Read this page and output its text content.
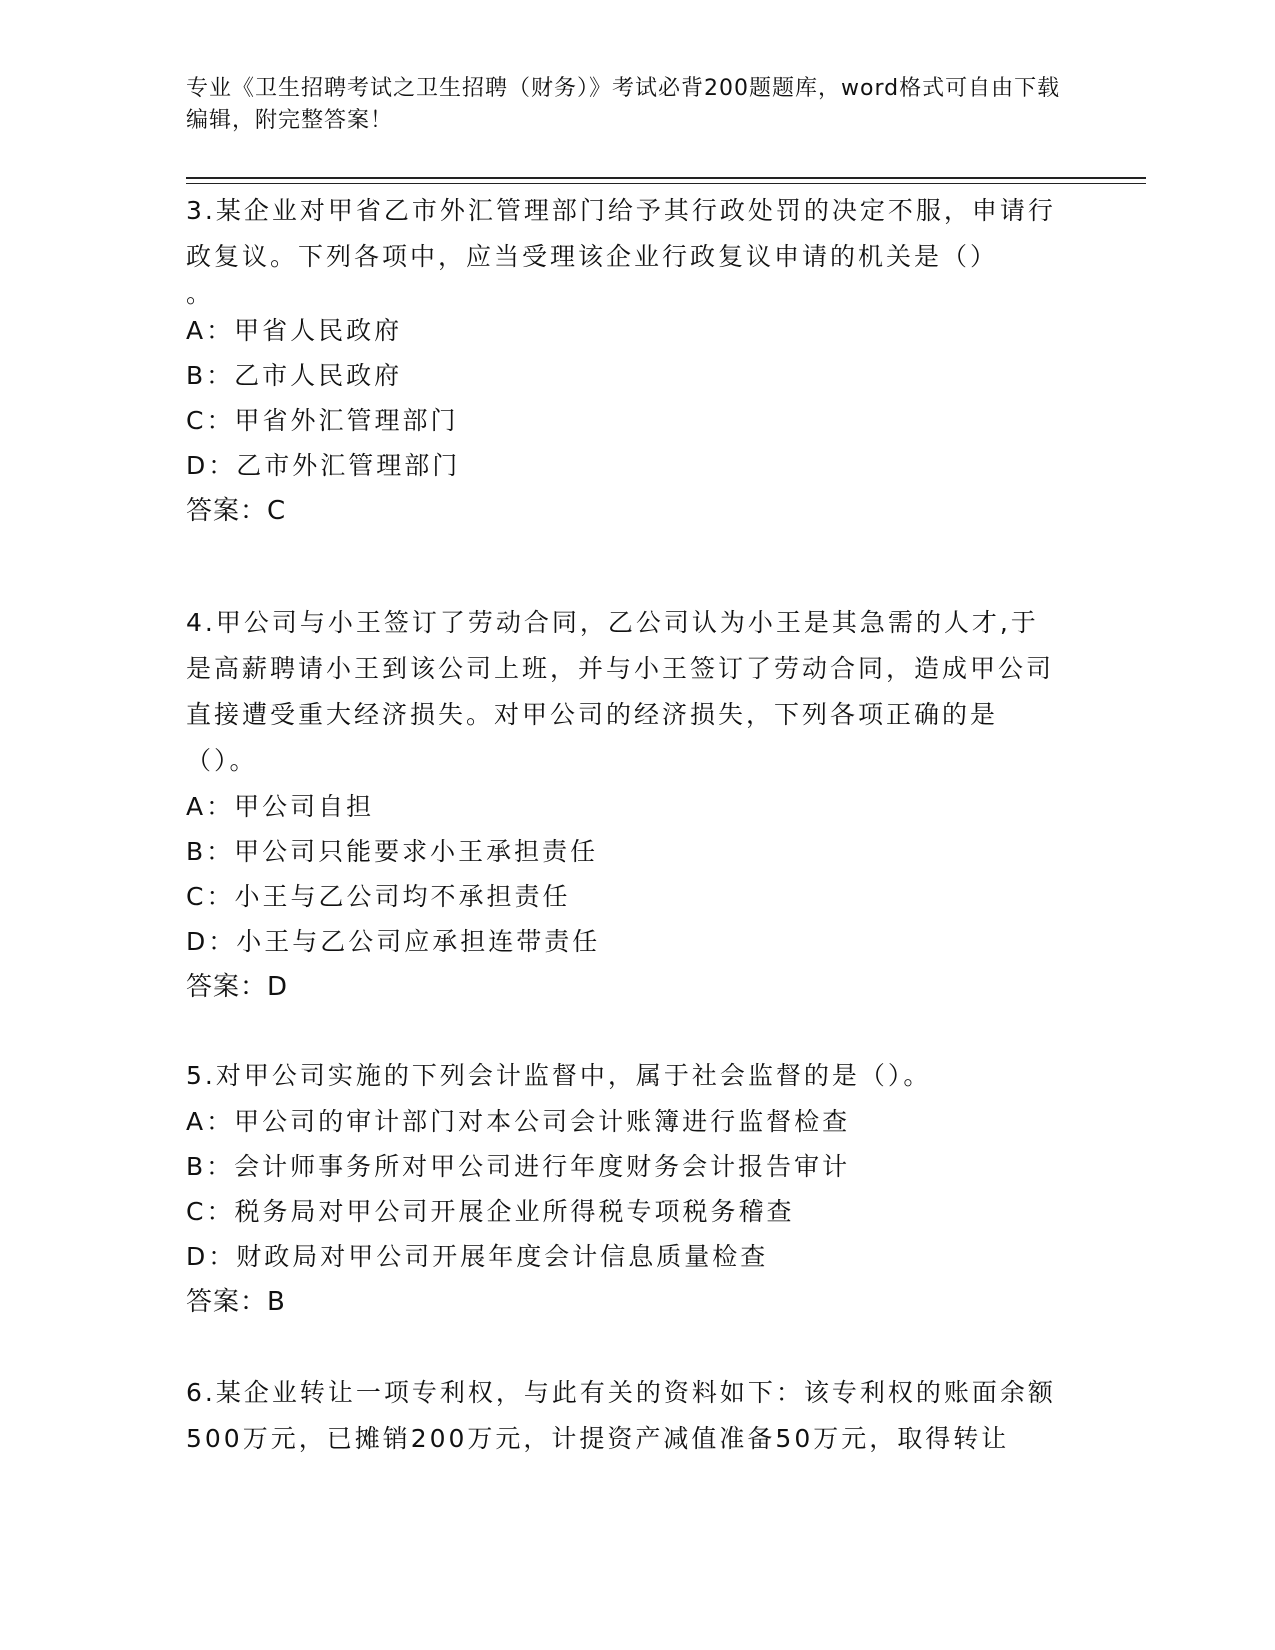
专业《卫生招聘考试之卫生招聘（财务）》考试必背200题题库，word格式可自由下载编辑，附完整答案！
3.某企业对甲省乙市外汇管理部门给予其行政处罚的决定不服，申请行政复议。下列各项中，应当受理该企业行政复议申请的机关是（）
。
A：甲省人民政府
B：乙市人民政府
C：甲省外汇管理部门
D：乙市外汇管理部门
答案：C
4.甲公司与小王签订了劳动合同，乙公司认为小王是其急需的人才,于是高薪聘请小王到该公司上班，并与小王签订了劳动合同，造成甲公司直接遭受重大经济损失。对甲公司的经济损失，下列各项正确的是（）。
A：甲公司自担
B：甲公司只能要求小王承担责任
C：小王与乙公司均不承担责任
D：小王与乙公司应承担连带责任
答案：D
5.对甲公司实施的下列会计监督中，属于社会监督的是（）。
A：甲公司的审计部门对本公司会计账簿进行监督检查
B：会计师事务所对甲公司进行年度财务会计报告审计
C：税务局对甲公司开展企业所得税专项税务稽查
D：财政局对甲公司开展年度会计信息质量检查
答案：B
6.某企业转让一项专利权，与此有关的资料如下：该专利权的账面余额500万元，已摊销200万元，计提资产减值准备50万元，取得转让
